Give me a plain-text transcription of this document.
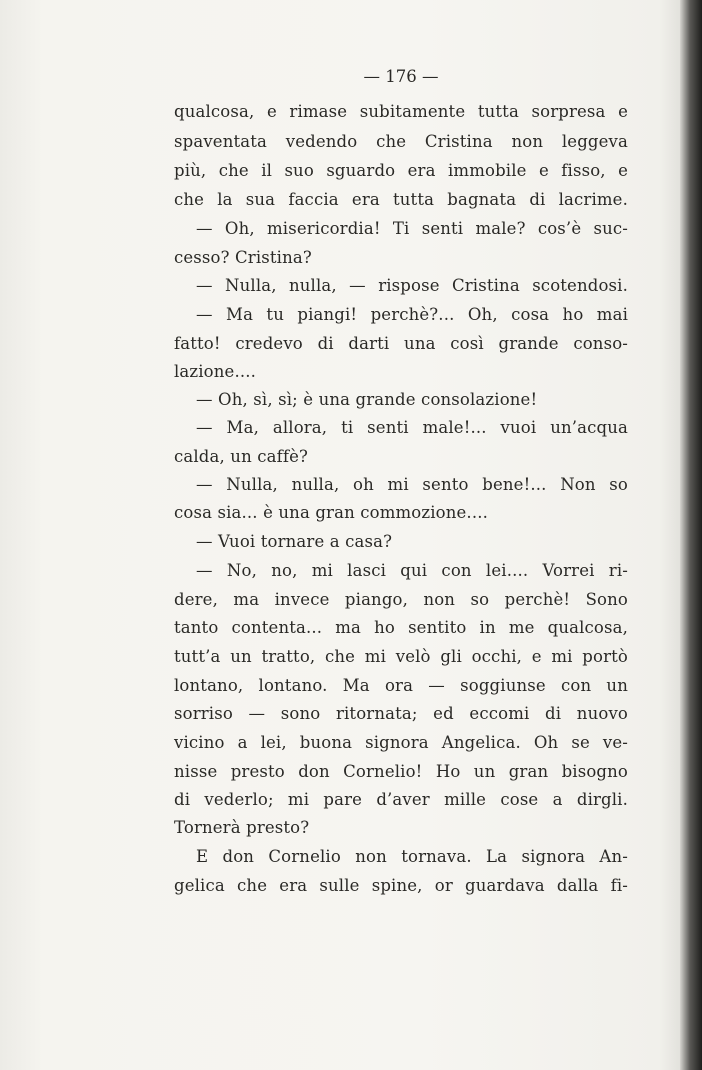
— 176 —
qualcosa, e rimase subitamente tutta sorpresa e
spaventata vedendo che Cristina non leggeva
più, che il suo sguardo era immobile e fisso, e
che la sua faccia era tutta bagnata di lacrime.
— Oh, misericordia! Ti senti male? cos’è suc-
cesso? Cristina?
— Nulla, nulla, — rispose Cristina scotendosi.
— Ma tu piangi! perchè?... Oh, cosa ho mai
fatto! credevo di darti una così grande conso-
lazione....
— Oh, sì, sì; è una grande consolazione!
— Ma, allora, ti senti male!... vuoi un’acqua
calda, un caffè?
— Nulla, nulla, oh mi sento bene!... Non so
cosa sia... è una gran commozione....
— Vuoi tornare a casa?
— No, no, mi lasci qui con lei.... Vorrei ri-
dere, ma invece piango, non so perchè! Sono
tanto contenta... ma ho sentito in me qualcosa,
tutt’a un tratto, che mi velò gli occhi, e mi portò
lontano, lontano. Ma ora — soggiunse con un
sorriso — sono ritornata; ed eccomi di nuovo
vicino a lei, buona signora Angelica. Oh se ve-
nisse presto don Cornelio! Ho un gran bisogno
di vederlo; mi pare d’aver mille cose a dirgli.
Tornerà presto?
E don Cornelio non tornava. La signora An-
gelica che era sulle spine, or guardava dalla fi-
